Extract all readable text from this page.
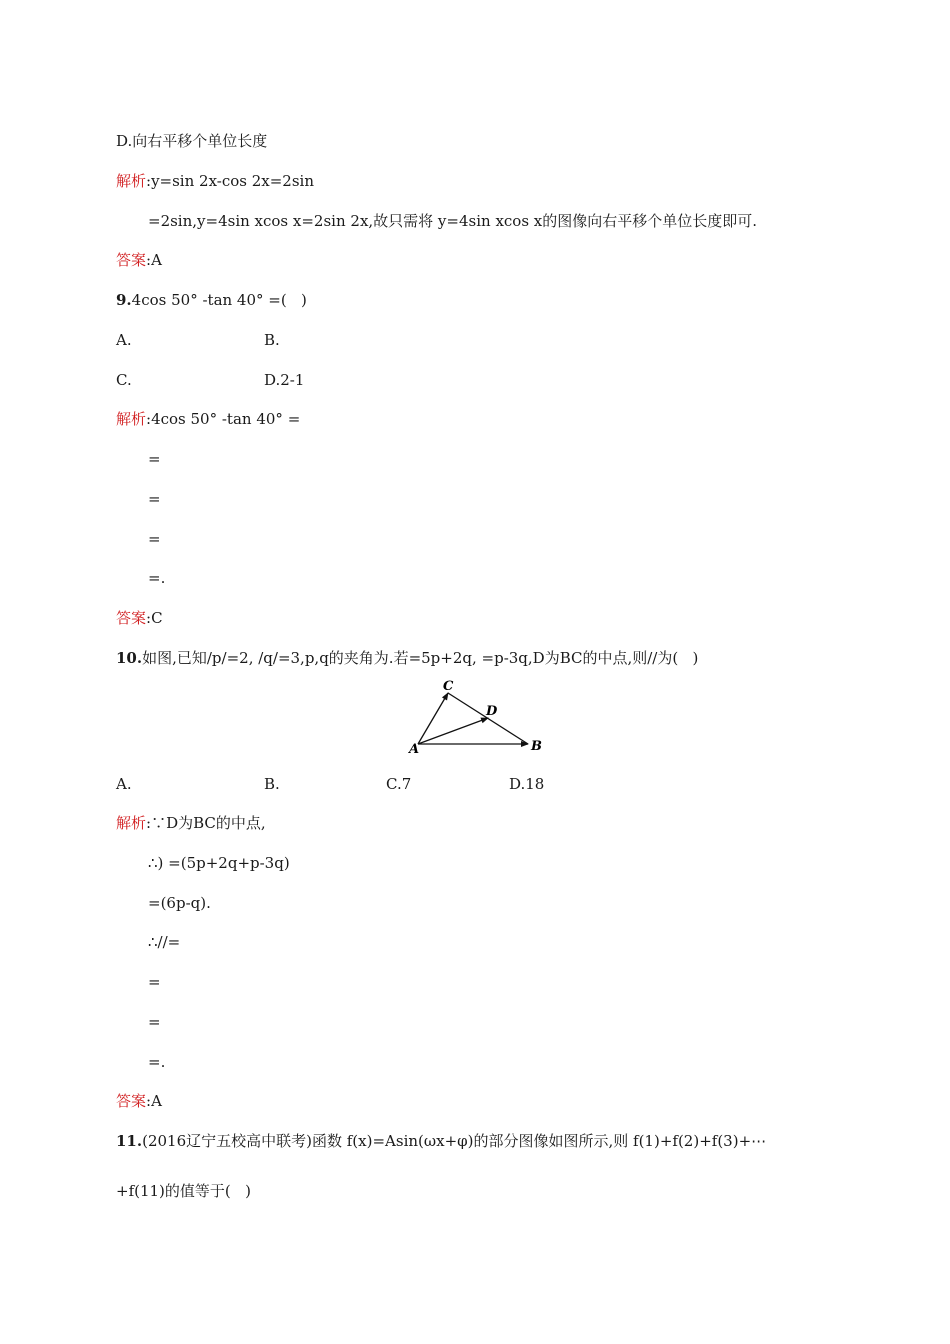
D.向右平移个单位长度
解析:y=sin 2x-cos 2x=2sin
=2sin,y=4sin xcos x=2sin 2x,故只需将 y=4sin xcos x的图像向右平移个单位长度即可.
答案:A
9.4cos 50° -tan 40° =(   )
A.	B.
C.	D.2-1
解析:4cos 50° -tan 40° =
=
=
=
=.
答案:C
10.如图,已知/p/=2, /q/=3,p,q的夹角为.若=5p+2q, =p-3q,D为BC的中点,则//为(   )
A	B
C
D
A.	B.	C.7	D.18
解析:∵D为BC的中点,
∴) =(5p+2q+p-3q)
=(6p-q).
∴//=
=
=
=.
答案:A
11.(2016辽宁五校高中联考)函数 f(x)=Asin(ωx+φ)的部分图像如图所示,则 f(1)+f(2)+f(3)+⋯
+f(11)的值等于(   )
